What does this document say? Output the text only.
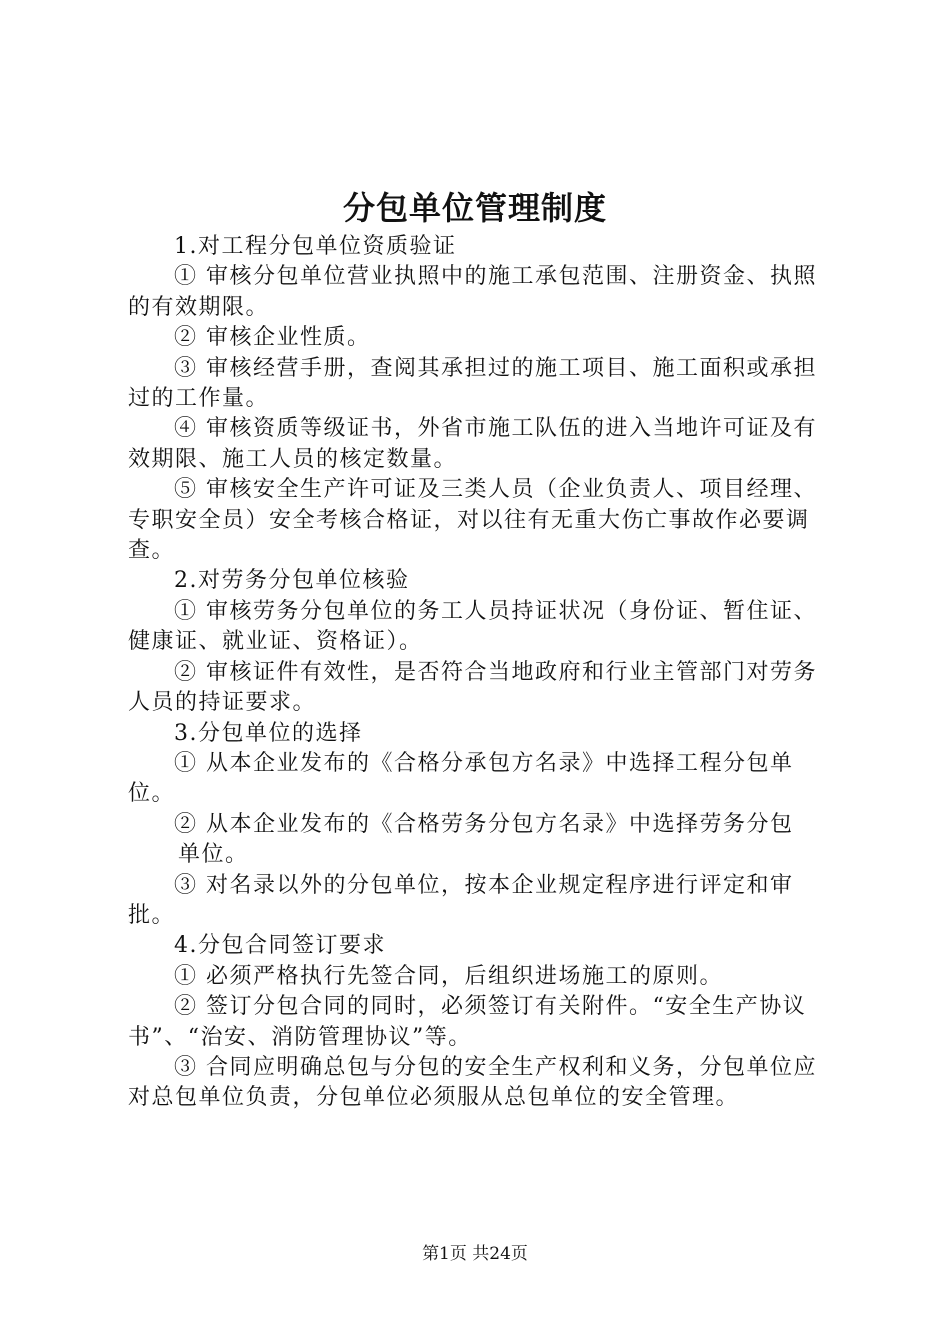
分包单位管理制度

1.对工程分包单位资质验证

① 审核分包单位营业执照中的施工承包范围、注册资金、执照的有效期限。

② 审核企业性质。

③ 审核经营手册，查阅其承担过的施工项目、施工面积或承担过的工作量。

④ 审核资质等级证书，外省市施工队伍的进入当地许可证及有效期限、施工人员的核定数量。

⑤ 审核安全生产许可证及三类人员（企业负责人、项目经理、专职安全员）安全考核合格证，对以往有无重大伤亡事故作必要调查。

2.对劳务分包单位核验

① 审核劳务分包单位的务工人员持证状况（身份证、暂住证、健康证、就业证、资格证）。

② 审核证件有效性，是否符合当地政府和行业主管部门对劳务人员的持证要求。

3.分包单位的选择

① 从本企业发布的《合格分承包方名录》中选择工程分包单位。

② 从本企业发布的《合格劳务分包方名录》中选择劳务分包

单位。

③ 对名录以外的分包单位，按本企业规定程序进行评定和审批。

4.分包合同签订要求

① 必须严格执行先签合同，后组织进场施工的原则。

② 签订分包合同的同时，必须签订有关附件。“安全生产协议书”、“治安、消防管理协议”等。

③ 合同应明确总包与分包的安全生产权利和义务，分包单位应对总包单位负责，分包单位必须服从总包单位的安全管理。

第1页 共24页
